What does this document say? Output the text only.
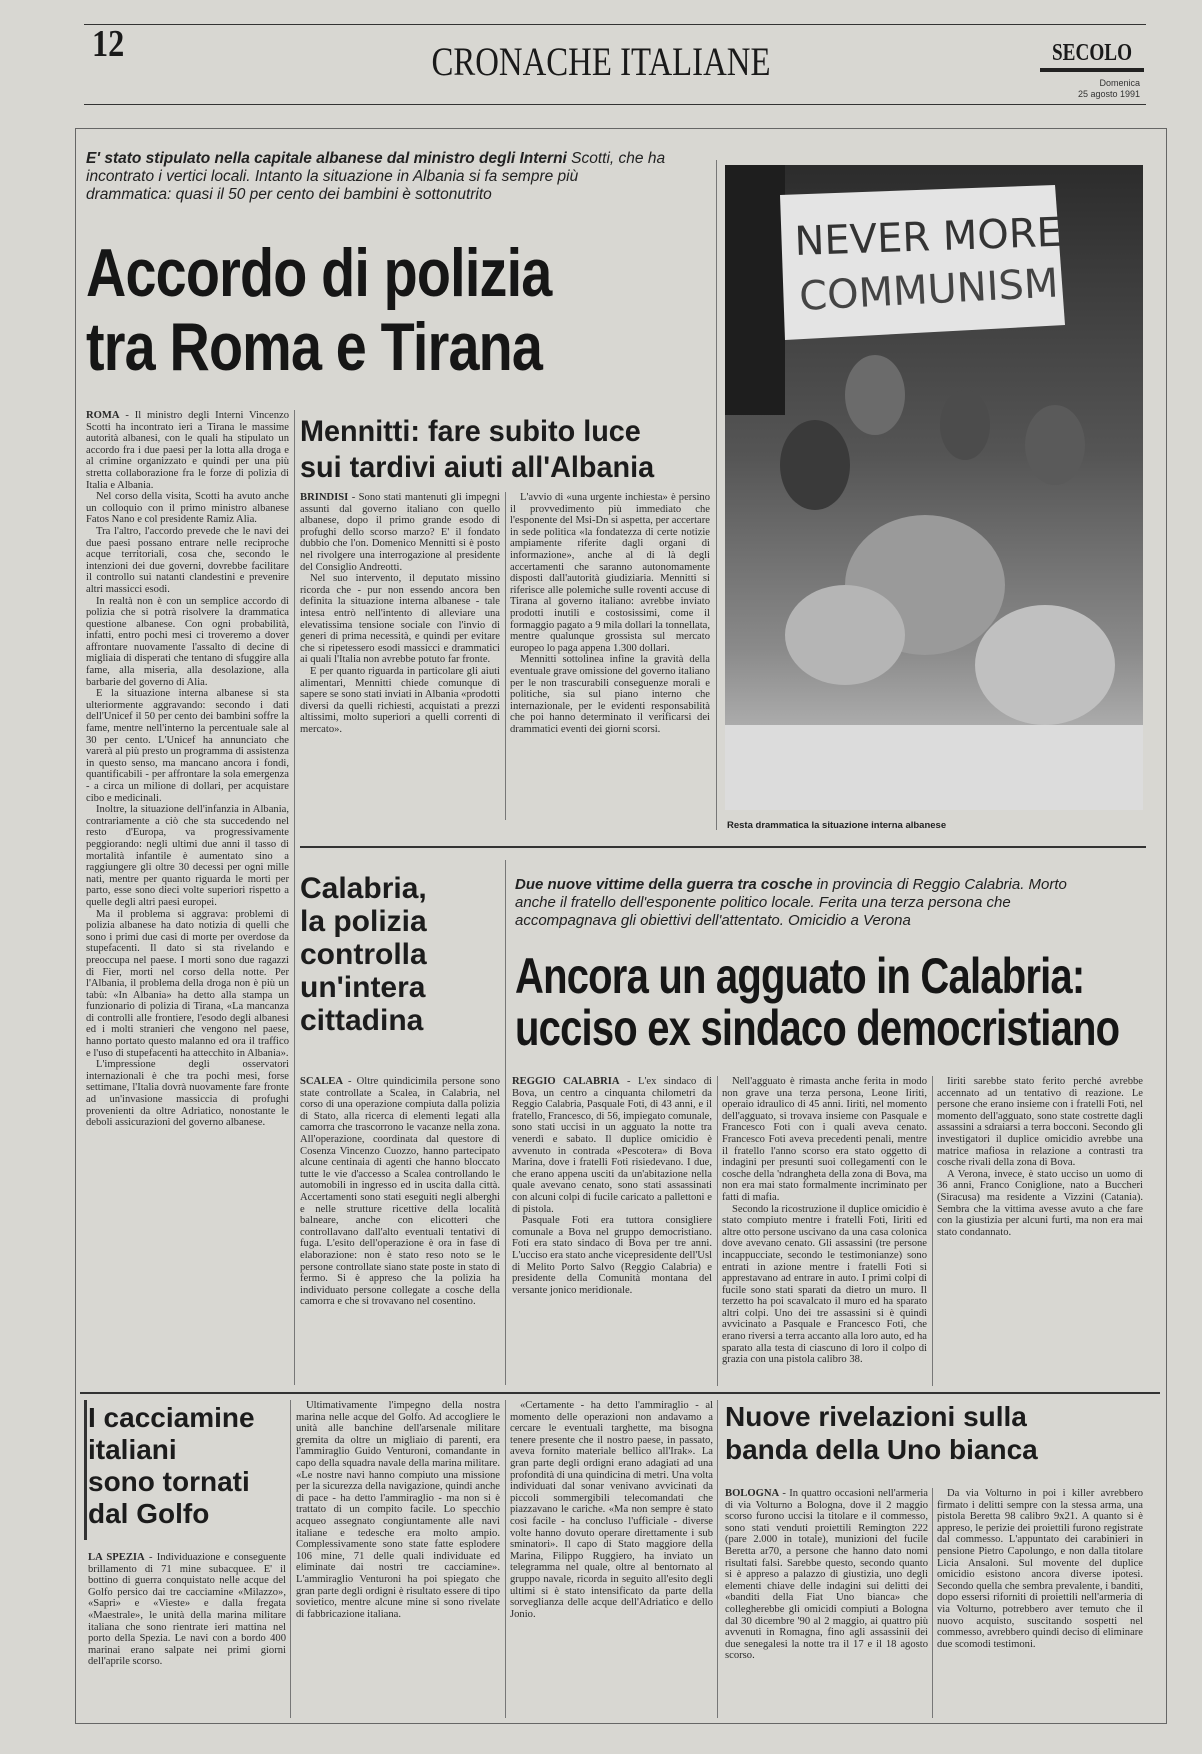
12	CRONACHE ITALIANE	SECOLO
Domenica
25 agosto 1991
E' stato stipulato nella capitale albanese dal ministro degli Interni Scotti, che ha incontrato i vertici locali. Intanto la situazione in Albania si fa sempre più drammatica: quasi il 50 per cento dei bambini è sottonutrito
Accordo di polizia
tra Roma e Tirana

ROMA - Il ministro degli Interni Vincenzo Scotti ha incontrato ieri a Tirana le massime autorità albanesi, con le quali ha stipulato un accordo fra i due paesi per la lotta alla droga e al crimine organizzato e quindi per una più stretta collaborazione fra le forze di polizia di Italia e Albania.

Nel corso della visita, Scotti ha avuto anche un colloquio con il primo ministro albanese Fatos Nano e col presidente Ramiz Alia.

Tra l'altro, l'accordo prevede che le navi dei due paesi possano entrare nelle reciproche acque territoriali, cosa che, secondo le intenzioni dei due governi, dovrebbe facilitare il controllo sui natanti clandestini e prevenire altri massicci esodi.

In realtà non è con un semplice accordo di polizia che si potrà risolvere la drammatica questione albanese. Con ogni probabilità, infatti, entro pochi mesi ci troveremo a dover affrontare nuovamente l'assalto di decine di migliaia di disperati che tentano di sfuggire alla fame, alla miseria, alla desolazione, alla barbarie del governo di Alia.

E la situazione interna albanese si sta ulteriormente aggravando: secondo i dati dell'Unicef il 50 per cento dei bambini soffre la fame, mentre nell'interno la percentuale sale al 30 per cento. L'Unicef ha annunciato che varerà al più presto un programma di assistenza in questo senso, ma mancano ancora i fondi, quantificabili - per affrontare la sola emergenza - a circa un milione di dollari, per acquistare cibo e medicinali.

Inoltre, la situazione dell'infanzia in Albania, contrariamente a ciò che sta succedendo nel resto d'Europa, va progressivamente peggiorando: negli ultimi due anni il tasso di mortalità infantile è aumentato sino a raggiungere gli oltre 30 decessi per ogni mille nati, mentre per quanto riguarda le morti per parto, esse sono dieci volte superiori rispetto a quelle degli altri paesi europei.

Ma il problema si aggrava: problemi di polizia albanese ha dato notizia di quelli che sono i primi due casi di morte per overdose da stupefacenti. Il dato si sta rivelando e preoccupa nel paese. I morti sono due ragazzi di Fier, morti nel corso della notte. Per l'Albania, il problema della droga non è più un tabù: «In Albania» ha detto alla stampa un funzionario di polizia di Tirana, «La mancanza di controlli alle frontiere, l'esodo degli albanesi ed i molti stranieri che vengono nel paese, hanno portato questo malanno ed ora il traffico e l'uso di stupefacenti ha attecchito in Albania».

L'impressione degli osservatori internazionali è che tra pochi mesi, forse settimane, l'Italia dovrà nuovamente fare fronte ad un'invasione massiccia di profughi provenienti da oltre Adriatico, nonostante le deboli assicurazioni del governo albanese.

Mennitti: fare subito luce
sui tardivi aiuti all'Albania

BRINDISI - Sono stati mantenuti gli impegni assunti dal governo italiano con quello albanese, dopo il primo grande esodo di profughi dello scorso marzo? E' il fondato dubbio che l'on. Domenico Mennitti si è posto nel rivolgere una interrogazione al presidente del Consiglio Andreotti.

Nel suo intervento, il deputato missino ricorda che - pur non essendo ancora ben definita la situazione interna albanese - tale intesa entrò nell'intento di alleviare una elevatissima tensione sociale con l'invio di generi di prima necessità, e quindi per evitare che si ripetessero esodi massicci e drammatici ai quali l'Italia non avrebbe potuto far fronte.

E per quanto riguarda in particolare gli aiuti alimentari, Mennitti chiede comunque di sapere se sono stati inviati in Albania «prodotti diversi da quelli richiesti, acquistati a prezzi altissimi, molto superiori a quelli correnti di mercato».

L'avvio di «una urgente inchiesta» è persino il provvedimento più immediato che l'esponente del Msi-Dn si aspetta, per accertare in sede politica «la fondatezza di certe notizie ampiamente riferite dagli organi di informazione», anche al di là degli accertamenti che saranno autonomamente disposti dall'autorità giudiziaria. Mennitti si riferisce alle polemiche sulle roventi accuse di Tirana al governo italiano: avrebbe inviato prodotti inutili e costosissimi, come il formaggio pagato a 9 mila dollari la tonnellata, mentre qualunque grossista sul mercato europeo lo paga appena 1.300 dollari.

Mennitti sottolinea infine la gravità della eventuale grave omissione del governo italiano per le non trascurabili conseguenze morali e politiche, sia sul piano interno che internazionale, per le evidenti responsabilità che poi hanno determinato il verificarsi dei drammatici eventi dei giorni scorsi.

NEVER MORE
COMMUNISM
Resta drammatica la situazione interna albanese
Calabria,
la polizia
controlla
un'intera
cittadina
Due nuove vittime della guerra tra cosche in provincia di Reggio Calabria. Morto anche il fratello dell'esponente politico locale. Ferita una terza persona che accompagnava gli obiettivi dell'attentato. Omicidio a Verona
Ancora un agguato in Calabria:
ucciso ex sindaco democristiano

SCALEA - Oltre quindicimila persone sono state controllate a Scalea, in Calabria, nel corso di una operazione compiuta dalla polizia di Stato, alla ricerca di elementi legati alla camorra che trascorrono le vacanze nella zona. All'operazione, coordinata dal questore di Cosenza Vincenzo Cuozzo, hanno partecipato alcune centinaia di agenti che hanno bloccato tutte le vie d'accesso a Scalea controllando le automobili in ingresso ed in uscita dalla città. Accertamenti sono stati eseguiti negli alberghi e nelle strutture ricettive della località balneare, anche con elicotteri che controllavano dall'alto eventuali tentativi di fuga. L'esito dell'operazione è ora in fase di elaborazione: non è stato reso noto se le persone controllate siano state poste in stato di fermo. Si è appreso che la polizia ha individuato persone collegate a cosche della camorra e che si trovavano nel cosentino.

REGGIO CALABRIA - L'ex sindaco di Bova, un centro a cinquanta chilometri da Reggio Calabria, Pasquale Foti, di 43 anni, e il fratello, Francesco, di 56, impiegato comunale, sono stati uccisi in un agguato la notte tra venerdì e sabato. Il duplice omicidio è avvenuto in contrada «Pescotera» di Bova Marina, dove i fratelli Foti risiedevano. I due, che erano appena usciti da un'abitazione nella quale avevano cenato, sono stati assassinati con alcuni colpi di fucile caricato a pallettoni e di pistola.

Pasquale Foti era tuttora consigliere comunale a Bova nel gruppo democristiano. Foti era stato sindaco di Bova per tre anni. L'ucciso era stato anche vicepresidente dell'Usl di Melito Porto Salvo (Reggio Calabria) e presidente della Comunità montana del versante jonico meridionale.

Nell'agguato è rimasta anche ferita in modo non grave una terza persona, Leone Iiriti, operaio idraulico di 45 anni. Iiriti, nel momento dell'agguato, si trovava insieme con Pasquale e Francesco Foti con i quali aveva cenato. Francesco Foti aveva precedenti penali, mentre il fratello l'anno scorso era stato oggetto di indagini per presunti suoi collegamenti con le cosche della 'ndrangheta della zona di Bova, ma non era mai stato formalmente incriminato per fatti di mafia.

Secondo la ricostruzione il duplice omicidio è stato compiuto mentre i fratelli Foti, Iiriti ed altre otto persone uscivano da una casa colonica dove avevano cenato. Gli assassini (tre persone incappucciate, secondo le testimonianze) sono entrati in azione mentre i fratelli Foti si apprestavano ad entrare in auto. I primi colpi di fucile sono stati sparati da dietro un muro. Il terzetto ha poi scavalcato il muro ed ha sparato altri colpi. Uno dei tre assassini si è quindi avvicinato a Pasquale e Francesco Foti, che erano riversi a terra accanto alla loro auto, ed ha sparato alla testa di ciascuno di loro il colpo di grazia con una pistola calibro 38.

Iiriti sarebbe stato ferito perché avrebbe accennato ad un tentativo di reazione. Le persone che erano insieme con i fratelli Foti, nel momento dell'agguato, sono state costrette dagli assassini a sdraiarsi a terra bocconi. Secondo gli investigatori il duplice omicidio avrebbe una matrice mafiosa in relazione a contrasti tra cosche rivali della zona di Bova.

A Verona, invece, è stato ucciso un uomo di 36 anni, Franco Coniglione, nato a Buccheri (Siracusa) ma residente a Vizzini (Catania). Sembra che la vittima avesse avuto a che fare con la giustizia per alcuni furti, ma non era mai stato condannato.

I cacciamine
italiani
sono tornati
dal Golfo

LA SPEZIA - Individuazione e conseguente brillamento di 71 mine subacquee. E' il bottino di guerra conquistato nelle acque del Golfo persico dai tre cacciamine «Milazzo», «Sapri» e «Vieste» e dalla fregata «Maestrale», le unità della marina militare italiana che sono rientrate ieri mattina nel porto della Spezia. Le navi con a bordo 400 marinai erano salpate nei primi giorni dell'aprile scorso.

Ultimativamente l'impegno della nostra marina nelle acque del Golfo. Ad accogliere le unità alle banchine dell'arsenale militare gremita da oltre un migliaio di parenti, era l'ammiraglio Guido Venturoni, comandante in capo della squadra navale della marina militare. «Le nostre navi hanno compiuto una missione per la sicurezza della navigazione, quindi anche di pace - ha detto l'ammiraglio - ma non si è trattato di un compito facile. Lo specchio acqueo assegnato congiuntamente alle navi italiane e tedesche era molto ampio. Complessivamente sono state fatte esplodere 106 mine, 71 delle quali individuate ed eliminate dai nostri tre cacciamine». L'ammiraglio Venturoni ha poi spiegato che gran parte degli ordigni è risultato essere di tipo sovietico, mentre alcune mine si sono rivelate di fabbricazione italiana.

«Certamente - ha detto l'ammiraglio - al momento delle operazioni non andavamo a cercare le eventuali targhette, ma bisogna tenere presente che il nostro paese, in passato, aveva fornito materiale bellico all'Irak». La gran parte degli ordigni erano adagiati ad una profondità di una quindicina di metri. Una volta individuati dal sonar venivano avvicinati da piccoli sommergibili telecomandati che piazzavano le cariche. «Ma non sempre è stato così facile - ha concluso l'ufficiale - diverse volte hanno dovuto operare direttamente i sub sminatori». Il capo di Stato maggiore della Marina, Filippo Ruggiero, ha inviato un telegramma nel quale, oltre al bentornato al gruppo navale, ricorda in seguito all'esito degli ultimi si è stato intensificato da parte della sorveglianza delle acque dell'Adriatico e dello Jonio.

Nuove rivelazioni sulla
banda della Uno bianca

BOLOGNA - In quattro occasioni nell'armeria di via Volturno a Bologna, dove il 2 maggio scorso furono uccisi la titolare e il commesso, sono stati venduti proiettili Remington 222 (pare 2.000 in totale), munizioni del fucile Beretta ar70, a persone che hanno dato nomi risultati falsi. Sarebbe questo, secondo quanto si è appreso a palazzo di giustizia, uno degli elementi chiave delle indagini sui delitti dei «banditi della Fiat Uno bianca» che collegherebbe gli omicidi compiuti a Bologna dal 30 dicembre '90 al 2 maggio, ai quattro più avvenuti in Romagna, fino agli assassinii dei due senegalesi la notte tra il 17 e il 18 agosto scorso.

Da via Volturno in poi i killer avrebbero firmato i delitti sempre con la stessa arma, una pistola Beretta 98 calibro 9x21. A quanto si è appreso, le perizie dei proiettili furono registrate dal commesso. L'appuntato dei carabinieri in pensione Pietro Capolungo, e non dalla titolare Licia Ansaloni. Sul movente del duplice omicidio esistono ancora diverse ipotesi. Secondo quella che sembra prevalente, i banditi, dopo essersi riforniti di proiettili nell'armeria di via Volturno, potrebbero aver temuto che il nuovo acquisto, suscitando sospetti nel commesso, avrebbero quindi deciso di eliminare due scomodi testimoni.
